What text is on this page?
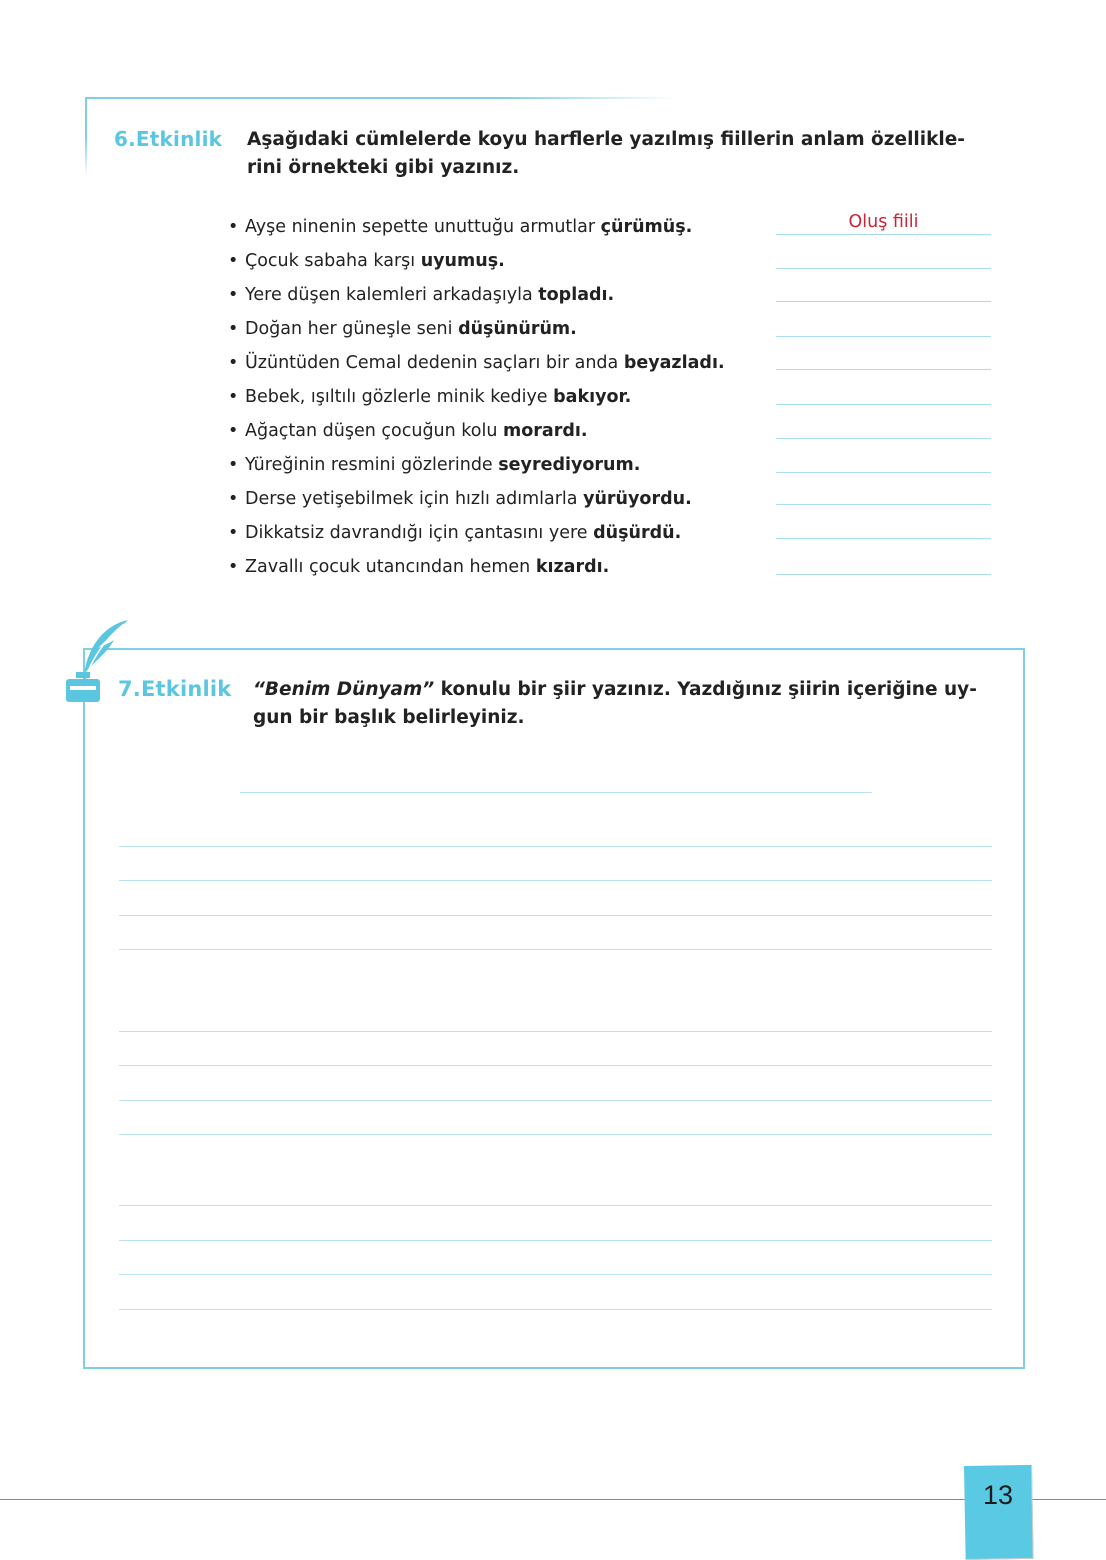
6.Etkinlik Aşağıdaki cümlelerde koyu harflerle yazılmış fiillerin anlam özellikle-
rini örnekteki gibi yazınız.
• Ayşe ninenin sepette unuttuğu armutlar çürümüş.	Oluş fiili
• Çocuk sabaha karşı uyumuş.
• Yere düşen kalemleri arkadaşıyla topladı.
• Doğan her güneşle seni düşünürüm.
• Üzüntüden Cemal dedenin saçları bir anda beyazladı.
• Bebek, ışıltılı gözlerle minik kediye bakıyor.
• Ağaçtan düşen çocuğun kolu morardı.
• Yüreğinin resmini gözlerinde seyrediyorum.
• Derse yetişebilmek için hızlı adımlarla yürüyordu.
• Dikkatsiz davrandığı için çantasını yere düşürdü.
• Zavallı çocuk utancından hemen kızardı.
7.Etkinlik “Benim Dünyam” konulu bir şiir yazınız. Yazdığınız şiirin içeriğine uy-
gun bir başlık belirleyiniz.
13
